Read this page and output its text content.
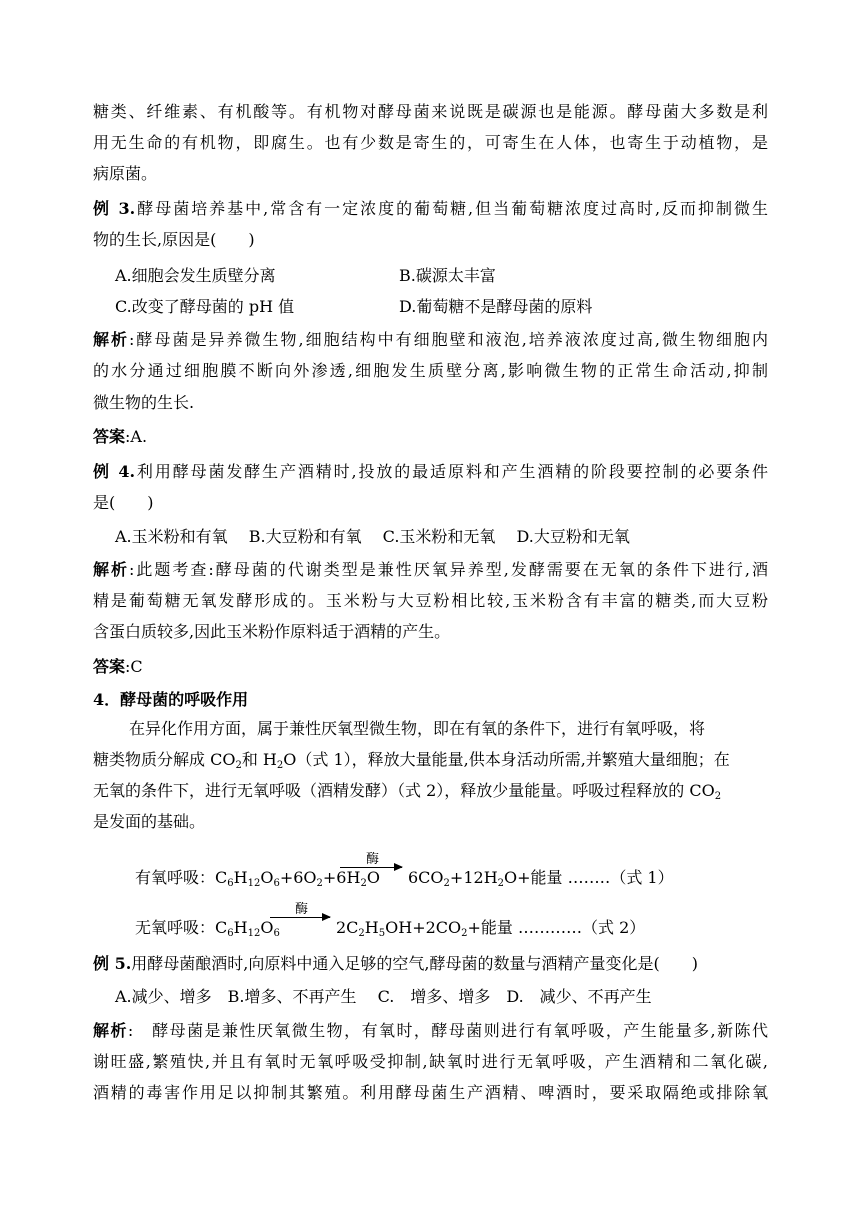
糖类、纤维素、有机酸等。有机物对酵母菌来说既是碳源也是能源。酵母菌大多数是利
用无生命的有机物，即腐生。也有少数是寄生的，可寄生在人体，也寄生于动植物，是
病原菌。
例 3.酵母菌培养基中,常含有一定浓度的葡萄糖,但当葡萄糖浓度过高时,反而抑制微生
物的生长,原因是(　　)
A.细胞会发生质壁分离	B.碳源太丰富
C.改变了酵母菌的 pH 值	D.葡萄糖不是酵母菌的原料
解析:酵母菌是异养微生物,细胞结构中有细胞壁和液泡,培养液浓度过高,微生物细胞内
的水分通过细胞膜不断向外渗透,细胞发生质壁分离,影响微生物的正常生命活动,抑制
微生物的生长.
答案:A.
例 4.利用酵母菌发酵生产酒精时,投放的最适原料和产生酒精的阶段要控制的必要条件
是(　　)
A.玉米粉和有氧　 B.大豆粉和有氧　 C.玉米粉和无氧　 D.大豆粉和无氧
解析:此题考查:酵母菌的代谢类型是兼性厌氧异养型,发酵需要在无氧的条件下进行,酒
精是葡萄糖无氧发酵形成的。玉米粉与大豆粉相比较,玉米粉含有丰富的糖类,而大豆粉
含蛋白质较多,因此玉米粉作原料适于酒精的产生。
答案:C
4．酵母菌的呼吸作用
在异化作用方面，属于兼性厌氧型微生物，即在有氧的条件下，进行有氧呼吸，将
糖类物质分解成 $CO_2$和 $H_2O$（式 1），释放大量能量,供本身活动所需,并繁殖大量细胞；在
无氧的条件下，进行无氧呼吸（酒精发酵）（式 2），释放少量能量。呼吸过程释放的 $CO_2$
是发面的基础。
有氧呼吸：$C_6H_{12}O_6+6O_2+6H_2O$
酶
$6CO_2+12H_2O+$能量 ‥‥‥‥（式 1）
无氧呼吸：$C_6H_{12}O_6$
酶
$2C_2H_5OH+2CO_2+$能量 ‥‥‥‥‥‥（式 2）
例 5.用酵母菌酿酒时,向原料中通入足够的空气,酵母菌的数量与酒精产量变化是(　　)
A.减少、增多　B.增多、不再产生　 C.　增多、增多　D.　减少、不再产生
解析:　酵母菌是兼性厌氧微生物，有氧时，酵母菌则进行有氧呼吸，产生能量多,新陈代
谢旺盛,繁殖快,并且有氧时无氧呼吸受抑制,缺氧时进行无氧呼吸，产生酒精和二氧化碳,
酒精的毒害作用足以抑制其繁殖。利用酵母菌生产酒精、啤酒时，要采取隔绝或排除氧
